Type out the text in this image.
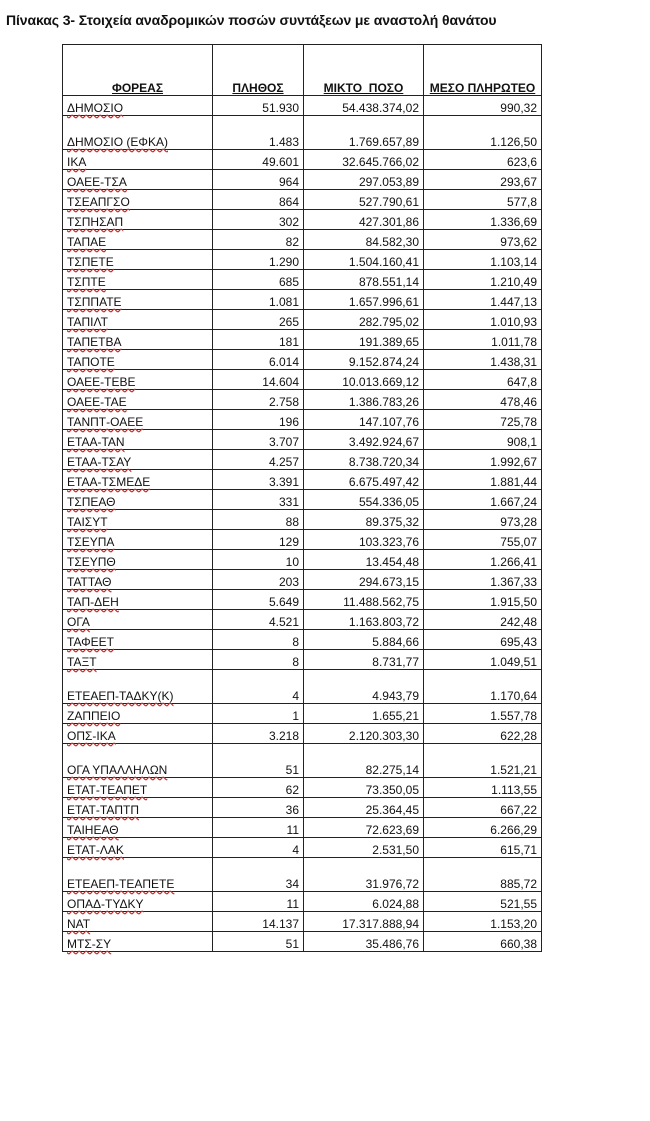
Πίνακας 3- Στοιχεία αναδρομικών ποσών συντάξεων με αναστολή θανάτου
ΦΟΡΕΑΣ	ΠΛΗΘΟΣ	ΜΙΚΤΟ_ΠΟΣΟ	ΜΕΣΟ ΠΛΗΡΩΤΕΟ
ΔΗΜΟΣΙΟ	51.930	54.438.374,02	990,32
ΔΗΜΟΣΙΟ (ΕΦΚΑ)	1.483	1.769.657,89	1.126,50
ΙΚΑ	49.601	32.645.766,02	623,6
ΟΑΕΕ-ΤΣΑ	964	297.053,89	293,67
ΤΣΕΑΠΓΣΟ	864	527.790,61	577,8
ΤΣΠΗΣΑΠ	302	427.301,86	1.336,69
ΤΑΠΑΕ	82	84.582,30	973,62
ΤΣΠΕΤΕ	1.290	1.504.160,41	1.103,14
ΤΣΠΤΕ	685	878.551,14	1.210,49
ΤΣΠΠΑΤΕ	1.081	1.657.996,61	1.447,13
ΤΑΠΙΛΤ	265	282.795,02	1.010,93
ΤΑΠΕΤΒΑ	181	191.389,65	1.011,78
ΤΑΠΟΤΕ	6.014	9.152.874,24	1.438,31
ΟΑΕΕ-ΤΕΒΕ	14.604	10.013.669,12	647,8
ΟΑΕΕ-ΤΑΕ	2.758	1.386.783,26	478,46
ΤΑΝΠΤ-ΟΑΕΕ	196	147.107,76	725,78
ΕΤΑΑ-ΤΑΝ	3.707	3.492.924,67	908,1
ΕΤΑΑ-ΤΣΑΥ	4.257	8.738.720,34	1.992,67
ΕΤΑΑ-ΤΣΜΕΔΕ	3.391	6.675.497,42	1.881,44
ΤΣΠΕΑΘ	331	554.336,05	1.667,24
ΤΑΙΣΥΤ	88	89.375,32	973,28
ΤΣΕΥΠΑ	129	103.323,76	755,07
ΤΣΕΥΠΘ	10	13.454,48	1.266,41
ΤΑΤΤΑΘ	203	294.673,15	1.367,33
ΤΑΠ-ΔΕΗ	5.649	11.488.562,75	1.915,50
ΟΓΑ	4.521	1.163.803,72	242,48
ΤΑΦΕΕΤ	8	5.884,66	695,43
ΤΑΞΤ	8	8.731,77	1.049,51
ΕΤΕΑΕΠ-ΤΑΔΚΥ(Κ)	4	4.943,79	1.170,64
ΖΑΠΠΕΙΟ	1	1.655,21	1.557,78
ΟΠΣ-ΙΚΑ	3.218	2.120.303,30	622,28
ΟΓΑ ΥΠΑΛΛΗΛΩΝ	51	82.275,14	1.521,21
ΕΤΑΤ-ΤΕΑΠΕΤ	62	73.350,05	1.113,55
ΕΤΑΤ-ΤΑΠΤΠ	36	25.364,45	667,22
ΤΑΙΗΕΑΘ	11	72.623,69	6.266,29
ΕΤΑΤ-ΛΑΚ	4	2.531,50	615,71
ΕΤΕΑΕΠ-ΤΕΑΠΕΤΕ	34	31.976,72	885,72
ΟΠΑΔ-ΤΥΔΚΥ	11	6.024,88	521,55
ΝΑΤ	14.137	17.317.888,94	1.153,20
ΜΤΣ-ΣΥ	51	35.486,76	660,38
